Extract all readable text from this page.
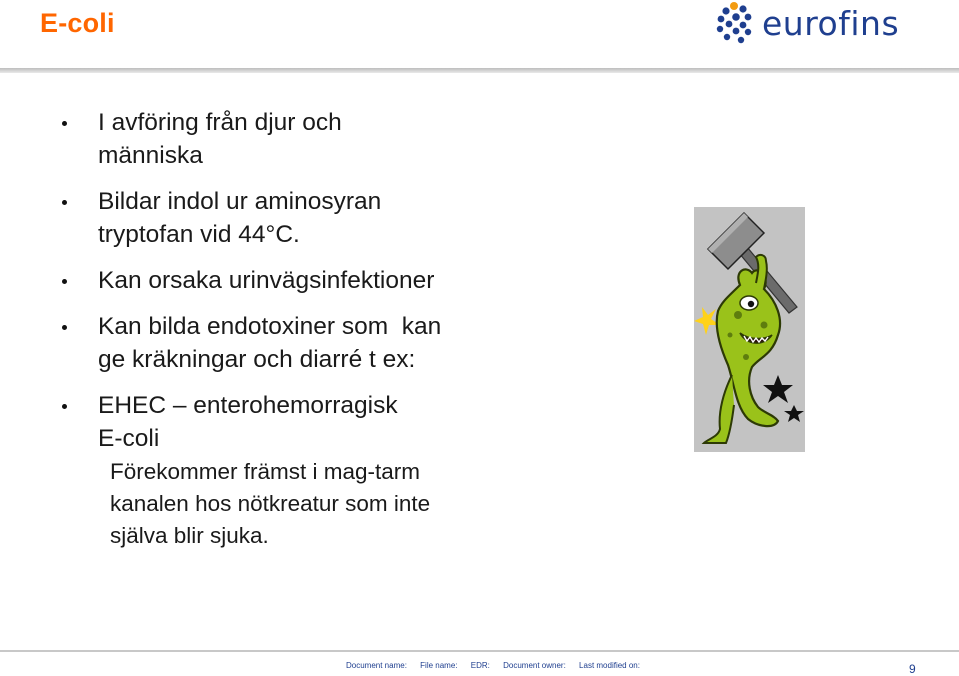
E-coli	eurofins
I avföring från djur och
människa
Bildar indol ur aminosyran
tryptofan vid 44°C.
Kan orsaka urinvägsinfektioner
Kan bilda endotoxiner som  kan
ge kräkningar och diarré t ex:
EHEC – enterohemorragisk
E-coli
Förekommer främst i mag-tarm
kanalen hos nötkreatur som inte
själva blir sjuka.
Document name: File name: EDR: Document owner: Last modified on:	9
